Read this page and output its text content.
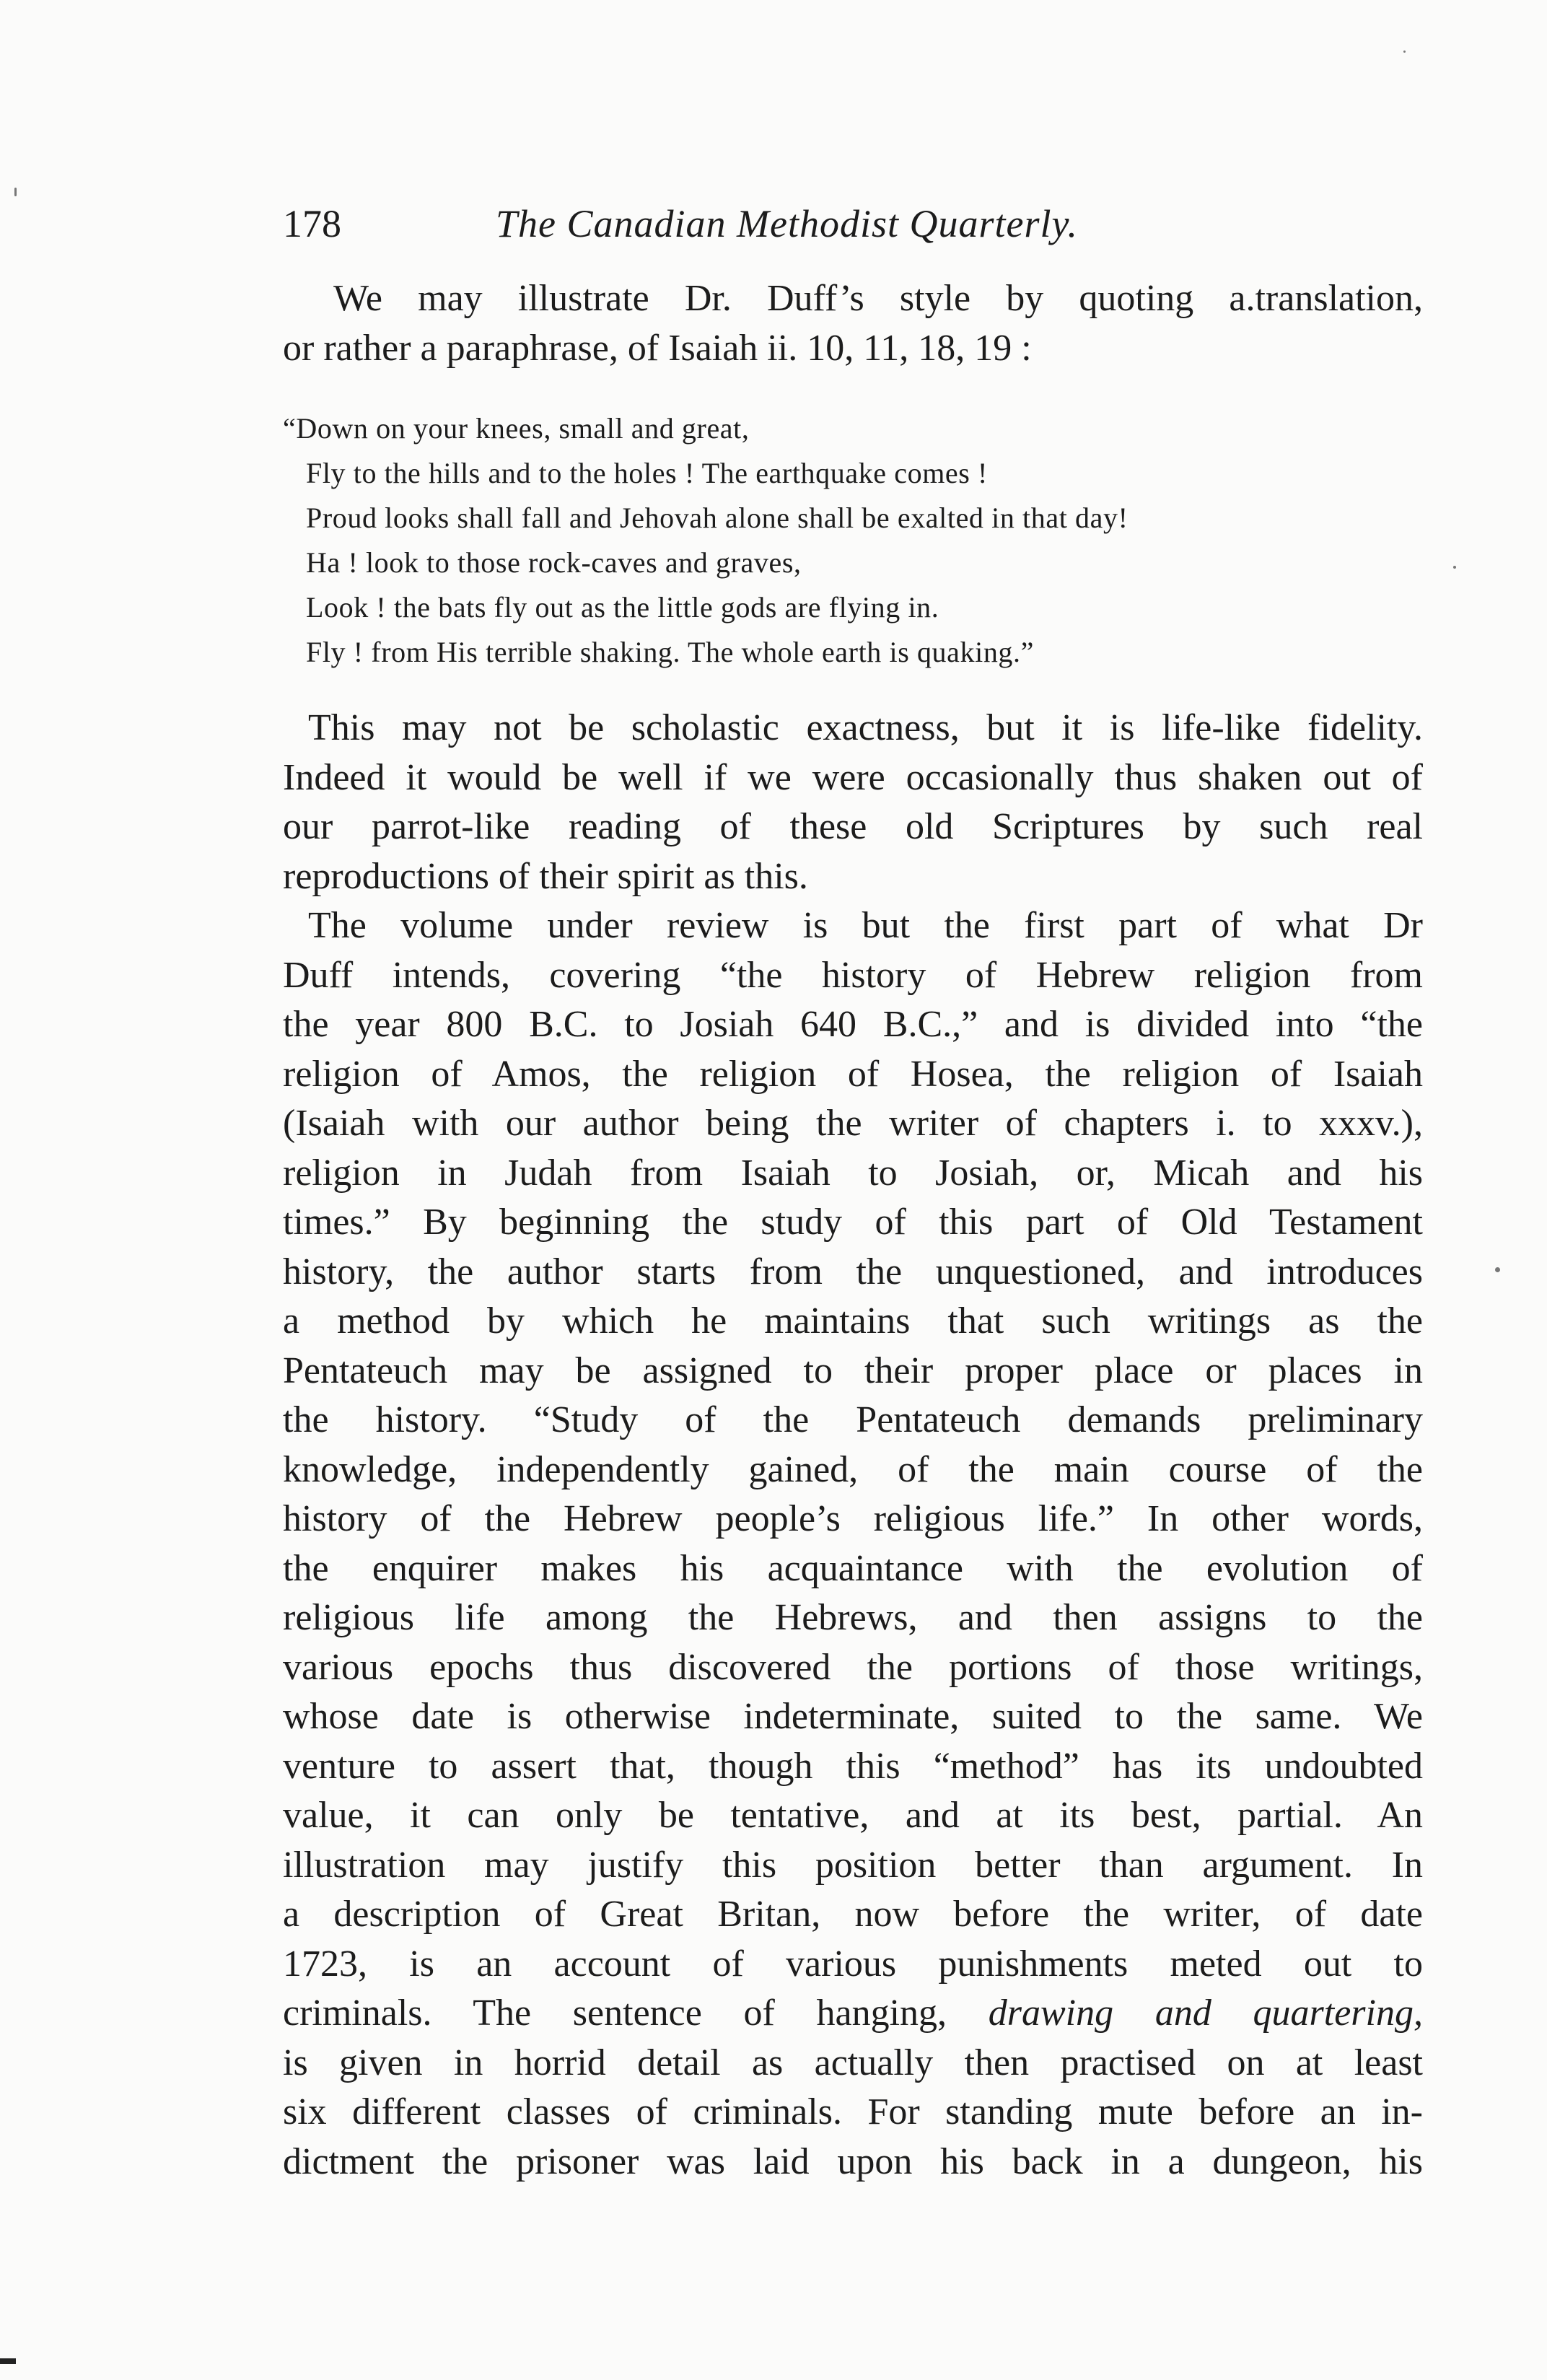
178	The Canadian Methodist Quarterly.

We may illustrate Dr. Duff’s style by quoting a.translation,
or rather a paraphrase, of Isaiah ii. 10, 11, 18, 19 :

“Down on your knees, small and great,
Fly to the hills and to the holes ! The earthquake comes !
Proud looks shall fall and Jehovah alone shall be exalted in that day!
Ha ! look to those rock-caves and graves,
Look ! the bats fly out as the little gods are flying in.
Fly ! from His terrible shaking. The whole earth is quaking.”

This may not be scholastic exactness, but it is life-like fidelity.
Indeed it would be well if we were occasionally thus shaken out of
our parrot-like reading of these old Scriptures by such real
reproductions of their spirit as this.

The volume under review is but the first part of what Dr
Duff intends, covering “the history of Hebrew religion from
the year 800 B.C. to Josiah 640 B.C.,” and is divided into “the
religion of Amos, the religion of Hosea, the religion of Isaiah
(Isaiah with our author being the writer of chapters i. to xxxv.),
religion in Judah from Isaiah to Josiah, or, Micah and his
times.” By beginning the study of this part of Old Testament
history, the author starts from the unquestioned, and introduces
a method by which he maintains that such writings as the
Pentateuch may be assigned to their proper place or places in
the history. “Study of the Pentateuch demands preliminary
knowledge, independently gained, of the main course of the
history of the Hebrew people’s religious life.” In other words,
the enquirer makes his acquaintance with the evolution of
religious life among the Hebrews, and then assigns to the
various epochs thus discovered the portions of those writings,
whose date is otherwise indeterminate, suited to the same. We
venture to assert that, though this “method” has its undoubted
value, it can only be tentative, and at its best, partial. An
illustration may justify this position better than argument. In
a description of Great Britan, now before the writer, of date
1723, is an account of various punishments meted out to
criminals. The sentence of hanging, drawing and quartering,
is given in horrid detail as actually then practised on at least
six different classes of criminals. For standing mute before an in-
dictment the prisoner was laid upon his back in a dungeon, his
